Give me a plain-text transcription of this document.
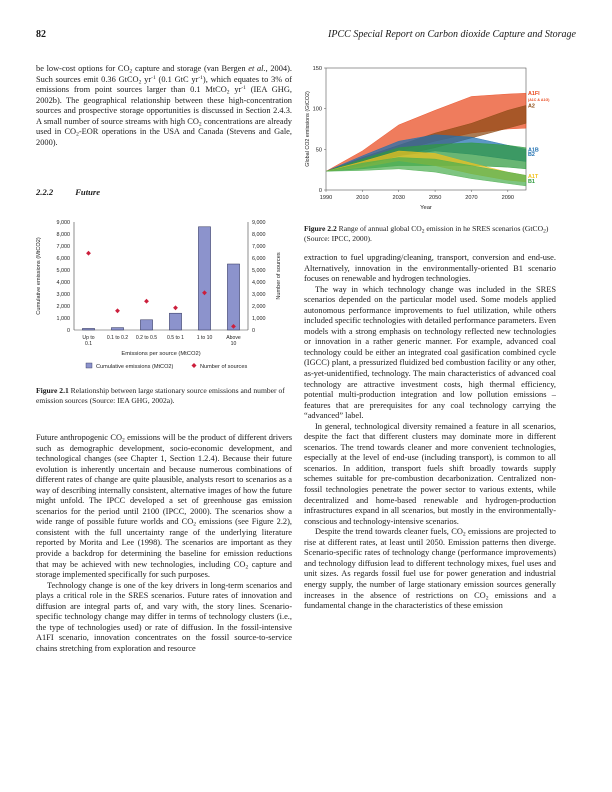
82	IPCC Special Report on Carbon dioxide Capture and Storage

be low-cost options for $CO_2$ capture and storage (van Bergen et al., 2004). Such sources emit 0.36 GtCO$_2$ $yr^{-1}$ (0.1 GtC $yr^{-1}$), which equates to 3% of emissions from point sources larger than 0.1 MtCO$_2$ $yr^{-1}$ (IEA GHG, 2002b). The geographical relationship between these high-concentration sources and prospective storage opportunities is discussed in Section 2.4.3. A small number of source streams with high $CO_2$ concentrations are already used in $CO_2$-EOR operations in the USA and Canada (Stevens and Gale, 2000).

2.2.2	Future
0	0
1,000	1,000
2,000	2,000
3,000	3,000
4,000	4,000
5,000	5,000
6,000	6,000
7,000	7,000
8,000	8,000
9,000	9,000
Up to
0.1
0.1 to 0.2 0.2 to 0.5 0.5 to 1 1 to 10	Above
10
Emissions per source (MtCO2)
Cumulative emissions (MtCO2)	Number of sources
Cumulative emissions (MtCO2)	Number of sources
Figure 2.1 Relationship between large stationary source emissions and number of emission sources (Source: IEA GHG, 2002a).
0
50
100
150
1990	2010	2030	2050	2070	2090
A1FI
(A1C & A1G)
A2
A1B
B2
A1T
B1
Year
Global CO2 emissions (GtCO2)
Figure 2.2 Range of annual global $CO_2$ emission in he SRES scenarios (GtCO$_2$) (Source: IPCC, 2000).

Future anthropogenic $CO_2$ emissions will be the product of different drivers such as demographic development, socio-economic development, and technological changes (see Chapter 1, Section 1.2.4). Because their future evolution is inherently uncertain and because numerous combinations of different rates of change are quite plausible, analysts resort to scenarios as a way of describing internally consistent, alternative images of how the future might unfold. The IPCC developed a set of greenhouse gas emission scenarios for the period until 2100 (IPCC, 2000). The scenarios show a wide range of possible future worlds and $CO_2$ emissions (see Figure 2.2), consistent with the full uncertainty range of the underlying literature reported by Morita and Lee (1998). The scenarios are important as they provide a backdrop for determining the baseline for emission reductions that may be achieved with new technologies, including $CO_2$ capture and storage implemented specifically for such purposes.

Technology change is one of the key drivers in long-term scenarios and plays a critical role in the SRES scenarios. Future rates of innovation and diffusion are integral parts of, and vary with, the story lines. Scenario-specific technology change may differ in terms of technology clusters (i.e., the type of technologies used) or rate of diffusion. In the fossil-intensive A1FI scenario, innovation concentrates on the fossil source-to-service chains stretching from exploration and resource

extraction to fuel upgrading/cleaning, transport, conversion and end-use. Alternatively, innovation in the environmentally-oriented B1 scenario focuses on renewable and hydrogen technologies.

The way in which technology change was included in the SRES scenarios depended on the particular model used. Some models applied autonomous performance improvements to fuel utilization, while others included specific technologies with detailed performance parameters. Even models with a strong emphasis on technology reflected new technologies or innovation in a rather generic manner. For example, advanced coal technology could be either an integrated coal gasification combined cycle (IGCC) plant, a pressurized fluidized bed combustion facility or any other, as-yet-unidentified, technology. The main characteristics of advanced coal technology are attractive investment costs, high thermal efficiency, potential multi-production integration and low pollution emissions – features that are prerequisites for any coal technology carrying the “advanced” label.

In general, technological diversity remained a feature in all scenarios, despite the fact that different clusters may dominate more in different scenarios. The trend towards cleaner and more convenient technologies, especially at the level of end-use (including transport), is common to all scenarios. In addition, transport fuels shift broadly towards supply schemes suitable for pre-combustion decarbonization. Centralized non-fossil technologies penetrate the power sector to various extents, while decentralized and home-based renewable and hydrogen-production infrastructures expand in all scenarios, but mostly in the environmentally-conscious and technology-intensive scenarios.

Despite the trend towards cleaner fuels, $CO_2$ emissions are projected to rise at different rates, at least until 2050. Emission patterns then diverge. Scenario-specific rates of technology change (performance improvements) and technology diffusion lead to different technology mixes, fuel uses and unit sizes. As regards fossil fuel use for power generation and industrial energy supply, the number of large stationary emission sources generally increases in the absence of restrictions on $CO_2$ emissions and a fundamental change in the characteristics of these emission
